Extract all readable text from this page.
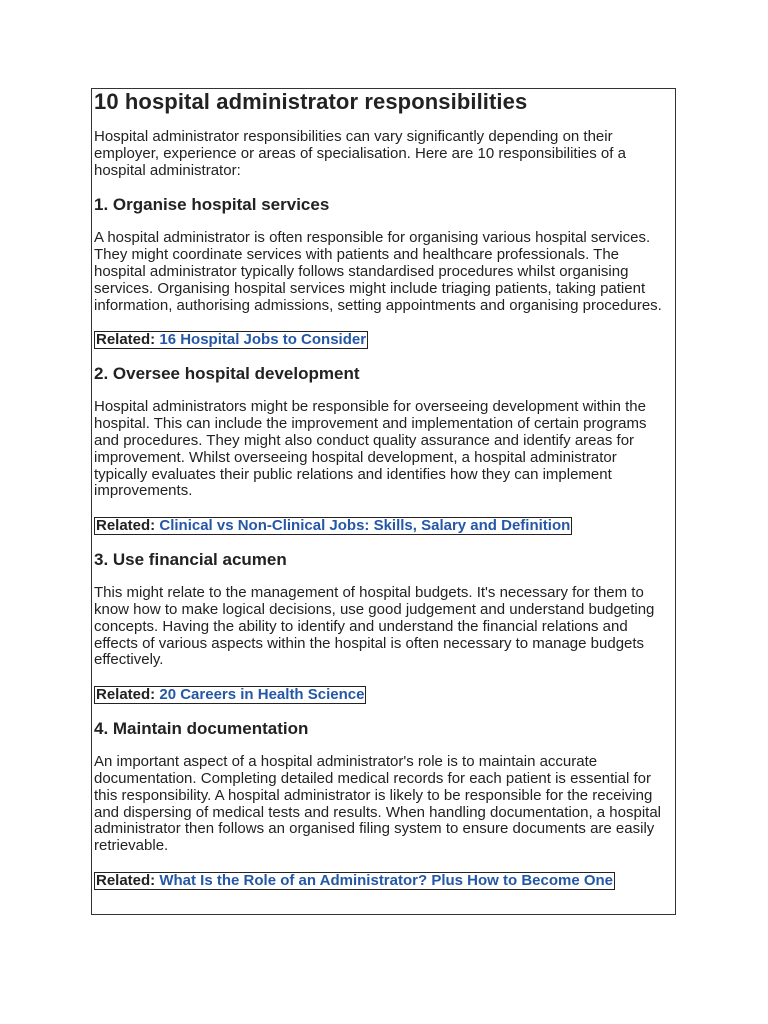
10 hospital administrator responsibilities

Hospital administrator responsibilities can vary significantly depending on their employer, experience or areas of specialisation. Here are 10 responsibilities of a hospital administrator:

1. Organise hospital services

A hospital administrator is often responsible for organising various hospital services. They might coordinate services with patients and healthcare professionals. The hospital administrator typically follows standardised procedures whilst organising services. Organising hospital services might include triaging patients, taking patient information, authorising admissions, setting appointments and organising procedures.

Related: 16 Hospital Jobs to Consider
2. Oversee hospital development

Hospital administrators might be responsible for overseeing development within the hospital. This can include the improvement and implementation of certain programs and procedures. They might also conduct quality assurance and identify areas for improvement. Whilst overseeing hospital development, a hospital administrator typically evaluates their public relations and identifies how they can implement improvements.

Related: Clinical vs Non-Clinical Jobs: Skills, Salary and Definition
3. Use financial acumen

This might relate to the management of hospital budgets. It's necessary for them to know how to make logical decisions, use good judgement and understand budgeting concepts. Having the ability to identify and understand the financial relations and effects of various aspects within the hospital is often necessary to manage budgets effectively.

Related: 20 Careers in Health Science
4. Maintain documentation

An important aspect of a hospital administrator's role is to maintain accurate documentation. Completing detailed medical records for each patient is essential for this responsibility. A hospital administrator is likely to be responsible for the receiving and dispersing of medical tests and results. When handling documentation, a hospital administrator then follows an organised filing system to ensure documents are easily retrievable.

Related: What Is the Role of an Administrator? Plus How to Become One
